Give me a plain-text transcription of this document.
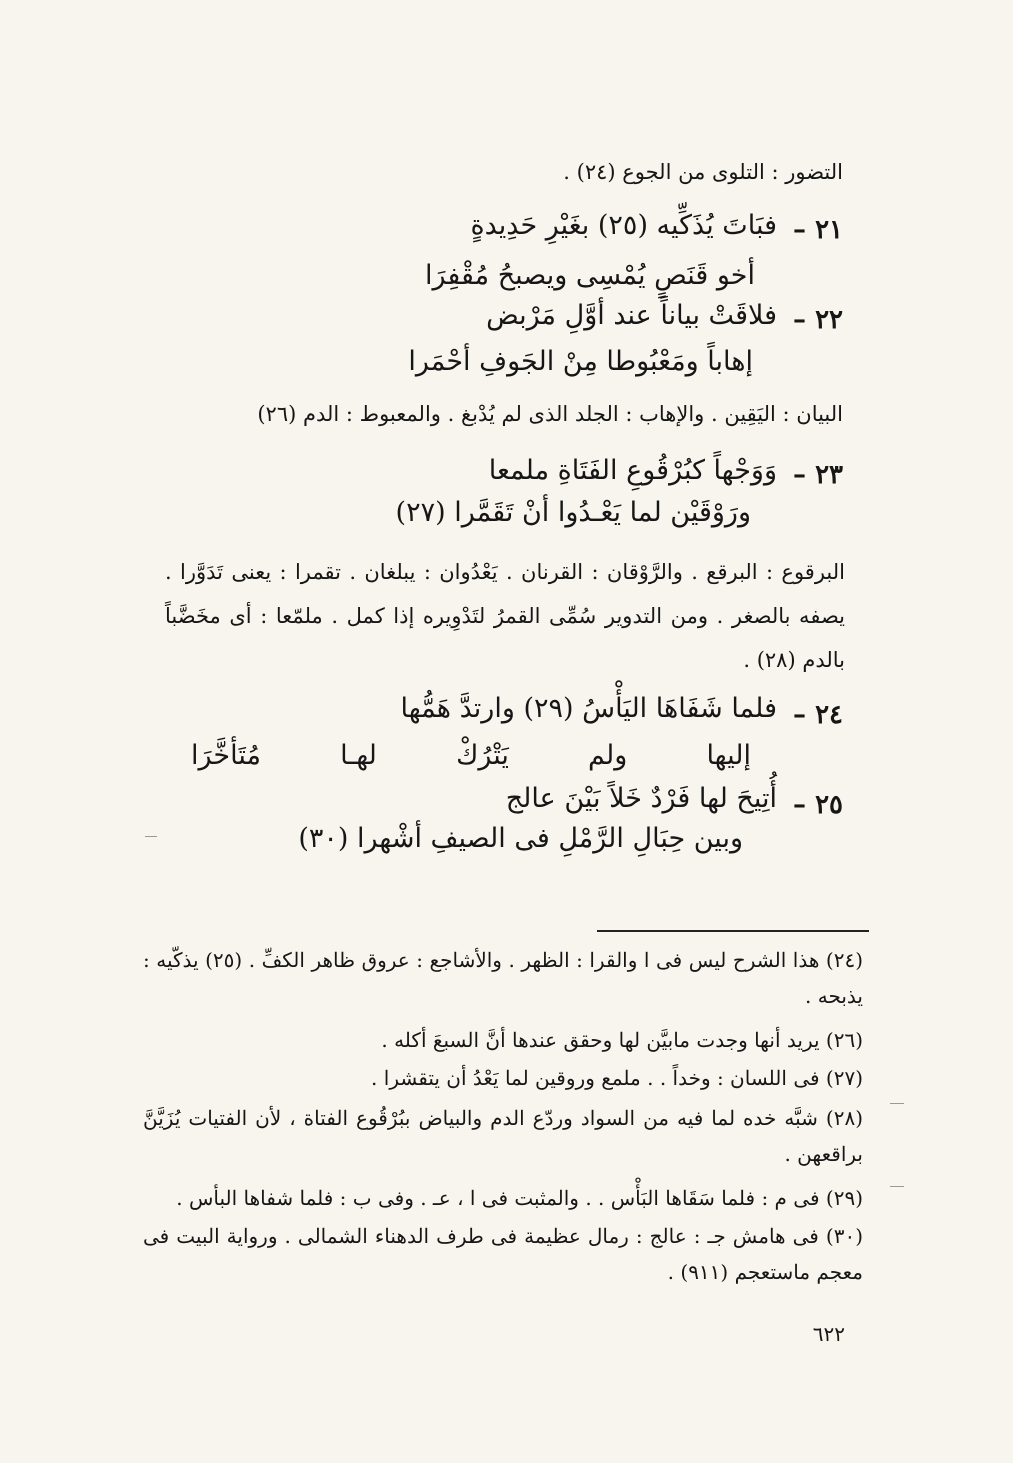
التضور : التلوى من الجوع (٢٤) .
٢١ –
فبَاتَ يُذَكِّيه (٢٥) بغَيْرِ حَدِيدةٍ
أخو قَنَصٍ يُمْسِى ويصبحُ مُقْفِرَا
٢٢ –
فلاقَتْ بياناً عند أوَّلِ مَرْبض
إهاباً ومَعْبُوطا مِنْ الجَوفِ أحْمَرا
البيان : اليَقِين . والإهاب : الجلد الذى لم يُدْبغ . والمعبوط : الدم (٢٦)
٢٣ –
وَوَجْهاً كبُرْقُوعِ الفَتَاةِ ملمعا
ورَوْقَيْن لما يَعْـدُوا أنْ تَقَمَّرا (٢٧)
البرقوع : البرقع . والرَّوْقان : القرنان . يَعْدُوان : يبلغان . تقمرا : يعنى تَدَوَّرا . يصفه بالصغر . ومن التدوير سُمِّى القمرُ لتَدْوِيره إذا كمل . ملمّعا : أى مخَضَّباً بالدم (٢٨) .
٢٤ –
فلما شَفَاهَا اليَأْسُ (٢٩) وارتدَّ هَمُّها
إليها
ولم
يَتْرُكْ
لهـا
مُتَأخَّرَا
٢٥ –
أُتِيحَ لها فَرْدٌ خَلاً بَيْنَ عالج
وبين حِبَالِ الرَّمْلِ فى الصيفِ أشْهرا (٣٠)
(٢٤) هذا الشرح ليس فى ا والقرا : الظهر . والأشاجع : عروق ظاهر الكفِّ . (٢٥) يذكّيه : يذبحه .
(٢٦) يريد أنها وجدت مابيَّن لها وحقق عندها أنَّ السبعَ أكله .
(٢٧) فى اللسان : وخداً . . ملمع وروقين لما يَعْدُ أن يتقشرا .
(٢٨) شبَّه خده لما فيه من السواد وردّع الدم والبياض ببُرْقُوع الفتاة ، لأن الفتيات يُزَيَّنَّ براقعهن .
(٢٩) فى م : فلما سَقَاها البَأْس . . والمثبت فى ا ، عـ . وفى ب : فلما شفاها البأس .
(٣٠) فى هامش جـ : عالج : رمال عظيمة فى طرف الدهناء الشمالى . ورواية البيت فى معجم ماستعجم (٩١١) .
٦٢٢
